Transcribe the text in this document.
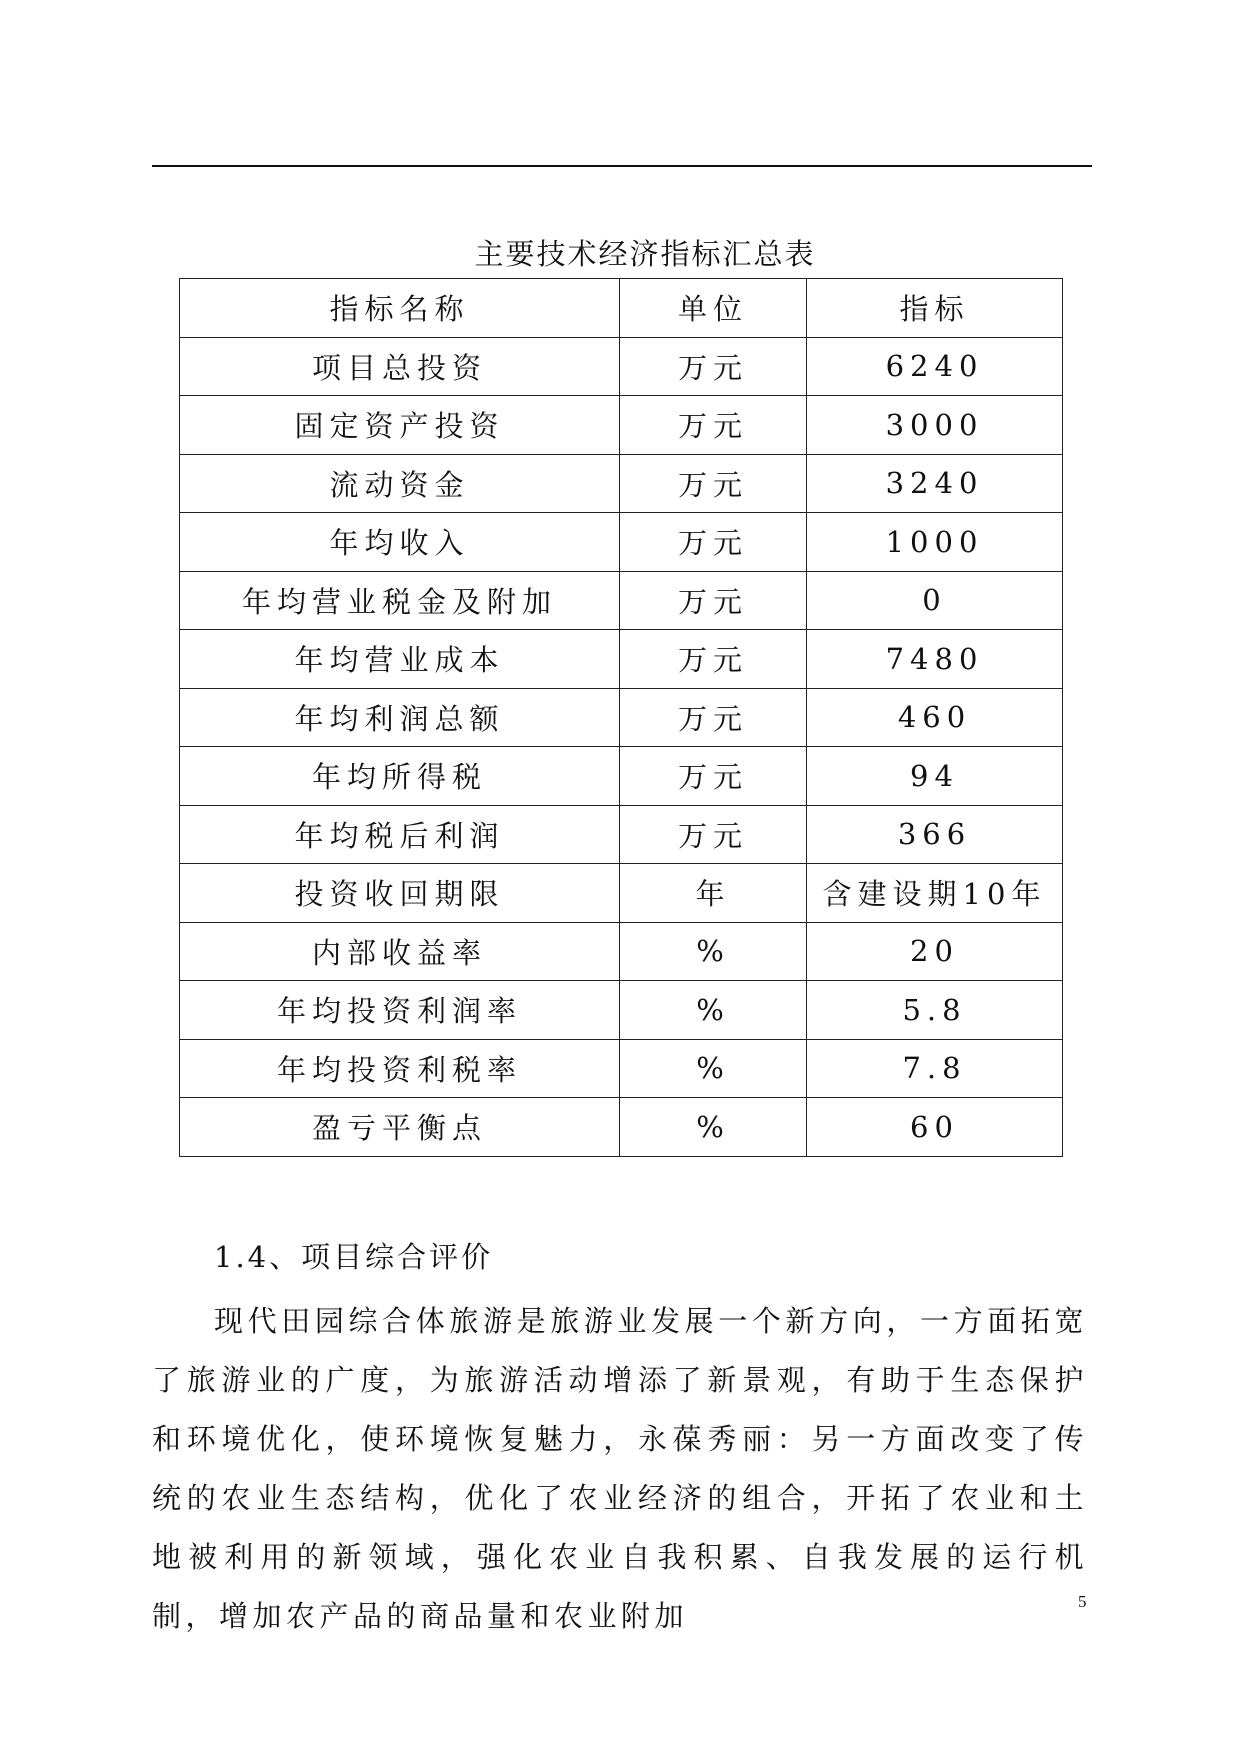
主要技术经济指标汇总表
指标名称	单位	指标
项目总投资	万元	6240
固定资产投资	万元	3000
流动资金	万元	3240
年均收入	万元	1000
年均营业税金及附加	万元	0
年均营业成本	万元	7480
年均利润总额	万元	460
年均所得税	万元	94
年均税后利润	万元	366
投资收回期限	年	含建设期10年
内部收益率	%	20
年均投资利润率	%	5.8
年均投资利税率	%	7.8
盈亏平衡点	%	60
1.4、项目综合评价

现代田园综合体旅游是旅游业发展一个新方向，一方面拓宽了旅游业的广度，为旅游活动增添了新景观，有助于生态保护和环境优化，使环境恢复魅力，永葆秀丽：另一方面改变了传统的农业生态结构，优化了农业经济的组合，开拓了农业和土地被利用的新领域，强化农业自我积累、自我发展的运行机制，增加农产品的商品量和农业附加	5
